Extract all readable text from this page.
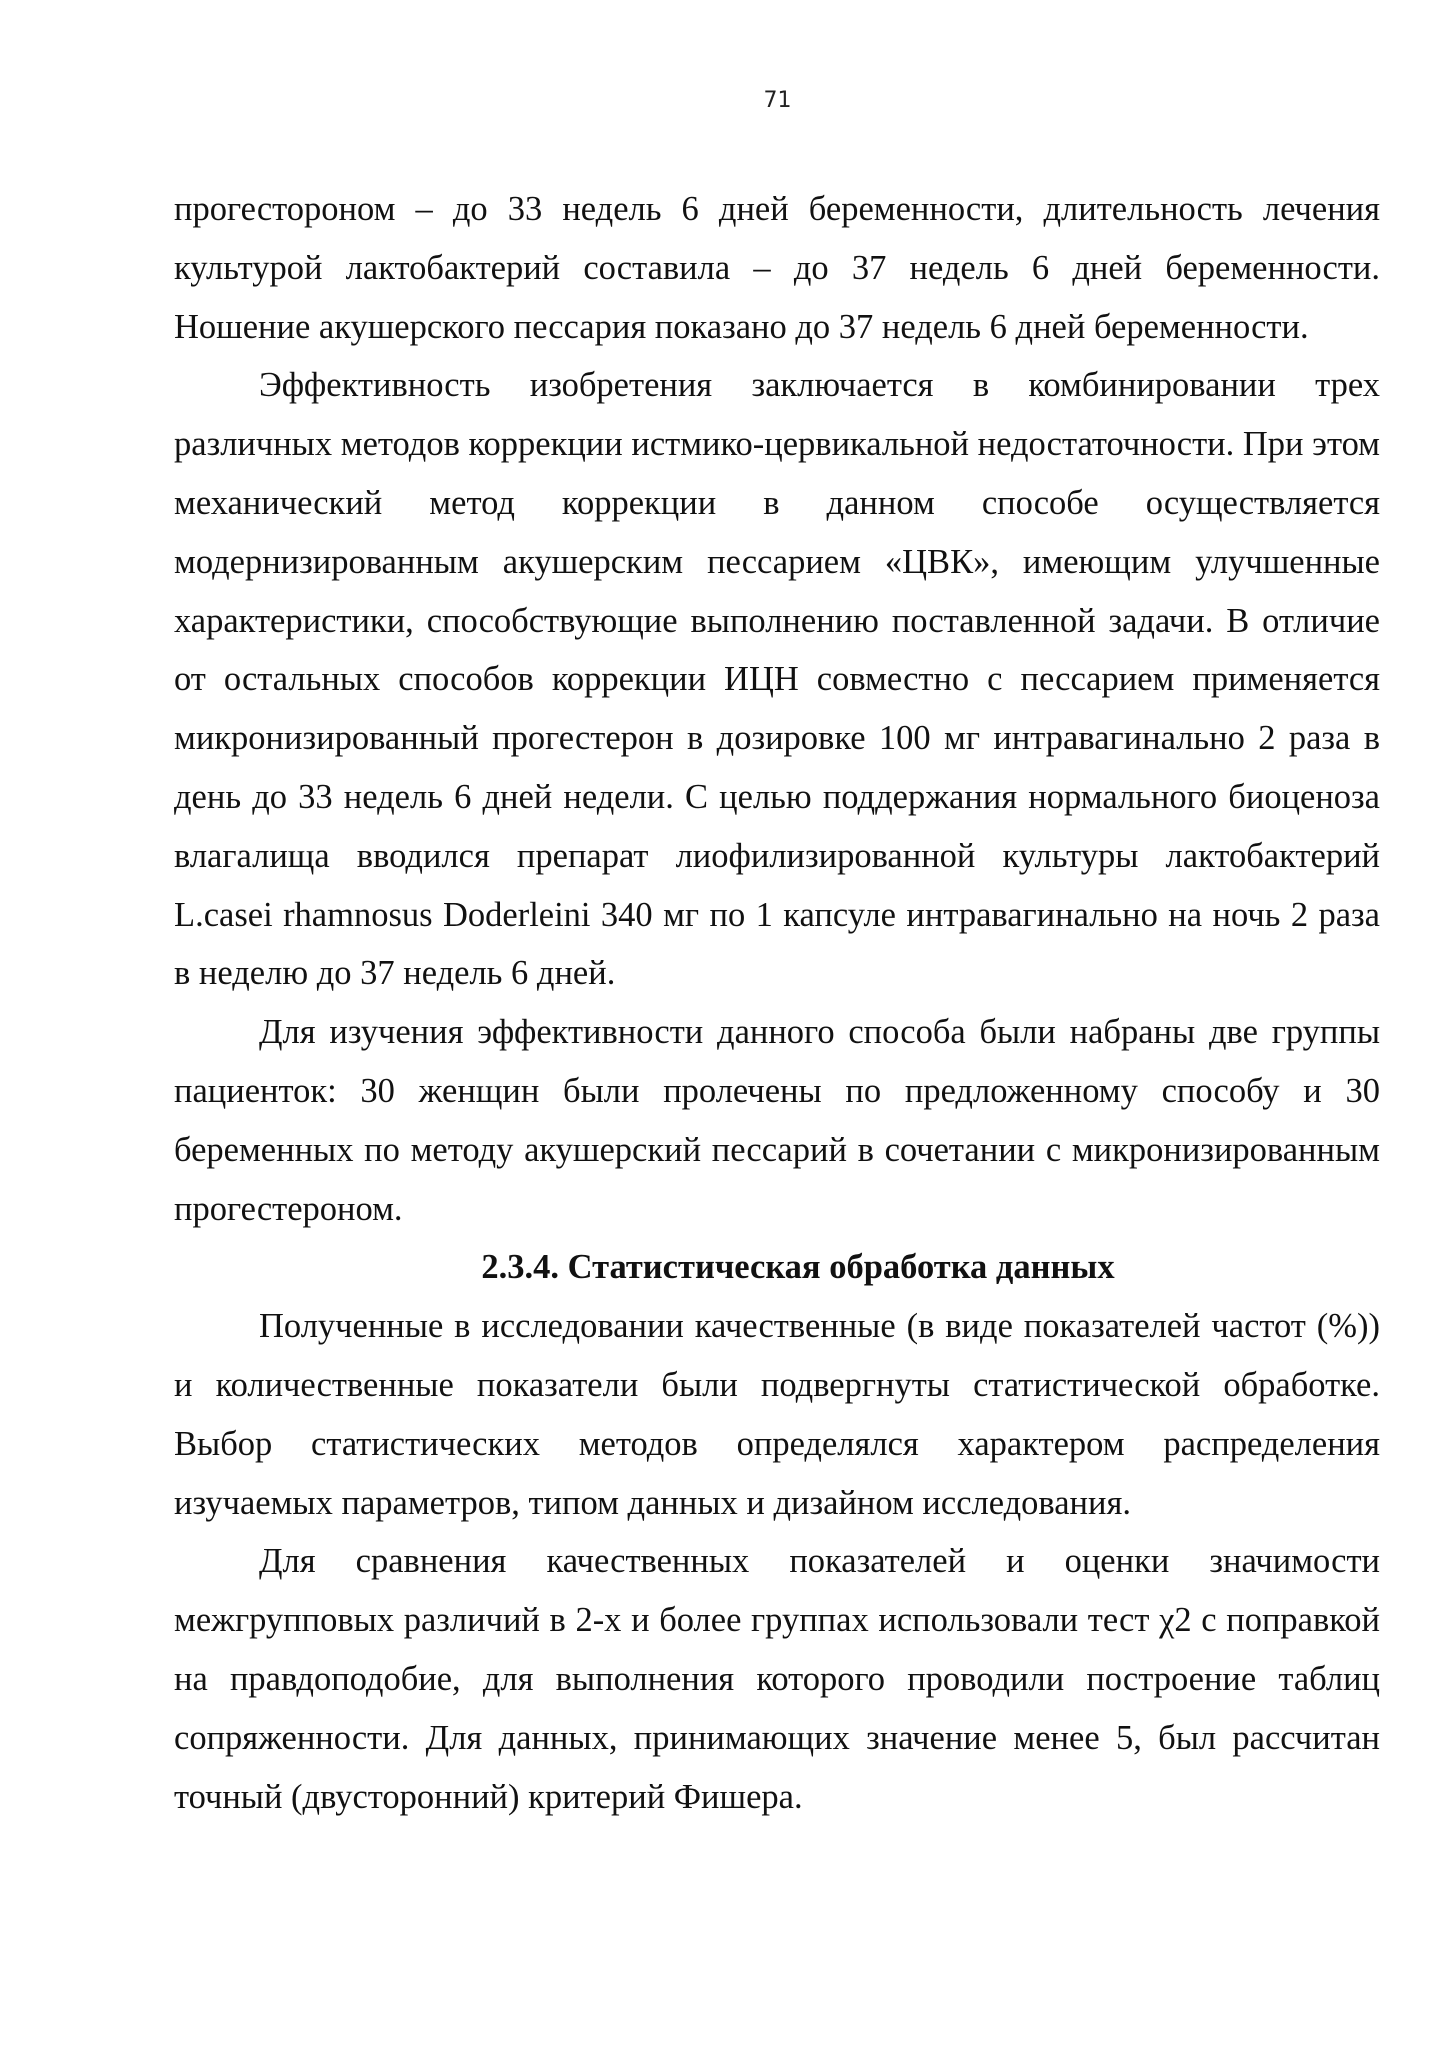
71

прогестороном – до 33 недель 6 дней беременности, длительность лечения культурой лактобактерий составила – до 37 недель 6 дней беременности. Ношение акушерского пессария показано до 37 недель 6 дней беременности.

Эффективность изобретения заключается в комбинировании трех различных методов коррекции истмико-цервикальной недостаточности. При этом механический метод коррекции в данном способе осуществляется модернизированным акушерским пессарием «ЦВК», имеющим улучшенные характеристики, способствующие выполнению поставленной задачи. В отличие от остальных способов коррекции ИЦН совместно с пессарием применяется микронизированный прогестерон в дозировке 100 мг интравагинально 2 раза в день до 33 недель 6 дней недели. С целью поддержания нормального биоценоза влагалища вводился препарат лиофилизированной культуры лактобактерий L.casei rhamnosus Doderleini 340 мг по 1 капсуле интравагинально на ночь 2 раза в неделю до 37 недель 6 дней.

Для изучения эффективности данного способа были набраны две группы пациенток: 30 женщин были пролечены по предложенному способу и 30 беременных по методу акушерский пессарий в сочетании с микронизированным прогестероном.

2.3.4. Статистическая обработка данных

Полученные в исследовании качественные (в виде показателей частот (%)) и количественные показатели были подвергнуты статистической обработке. Выбор статистических методов определялся характером распределения изучаемых параметров, типом данных и дизайном исследования.

Для сравнения качественных показателей и оценки значимости межгрупповых различий в 2-х и более группах использовали тест χ2 с поправкой на правдоподобие, для выполнения которого проводили построение таблиц сопряженности. Для данных, принимающих значение менее 5, был рассчитан точный (двусторонний) критерий Фишера.
